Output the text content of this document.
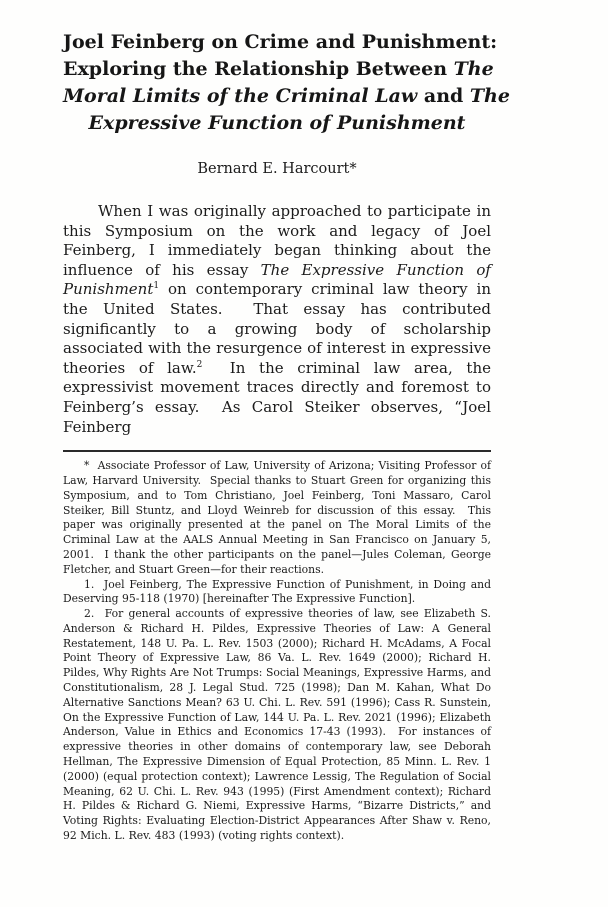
Joel Feinberg on Crime and Punishment:
Exploring the Relationship Between The
Moral Limits of the Criminal Law and The
Expressive Function of Punishment
Bernard E. Harcourt*

When I was originally approached to participate in this Symposium on the work and legacy of Joel Feinberg, I immediately began thinking about the influence of his essay The Expressive Function of Punishment$^1$ on contemporary criminal law theory in the United States.  That essay has contributed significantly to a growing body of scholarship associated with the resurgence of interest in expressive theories of law.$^2$  In the criminal law area, the expressivist movement traces directly and foremost to Feinberg’s essay.  As Carol Steiker observes, “Joel Feinberg

*  Associate Professor of Law, University of Arizona; Visiting Professor of Law, Harvard University.  Special thanks to Stuart Green for organizing this Symposium, and to Tom Christiano, Joel Feinberg, Toni Massaro, Carol Steiker, Bill Stuntz, and Lloyd Weinreb for discussion of this essay.  This paper was originally presented at the panel on The Moral Limits of the Criminal Law at the AALS Annual Meeting in San Francisco on January 5, 2001.  I thank the other participants on the panel—Jules Coleman, George Fletcher, and Stuart Green—for their reactions.

1.  Joel Feinberg, The Expressive Function of Punishment, in Doing and Deserving 95-118 (1970) [hereinafter The Expressive Function].

2.  For general accounts of expressive theories of law, see Elizabeth S. Anderson & Richard H. Pildes, Expressive Theories of Law: A General Restatement, 148 U. Pa. L. Rev. 1503 (2000); Richard H. McAdams, A Focal Point Theory of Expressive Law, 86 Va. L. Rev. 1649 (2000); Richard H. Pildes, Why Rights Are Not Trumps: Social Meanings, Expressive Harms, and Constitutionalism, 28 J. Legal Stud. 725 (1998); Dan M. Kahan, What Do Alternative Sanctions Mean? 63 U. Chi. L. Rev. 591 (1996); Cass R. Sunstein, On the Expressive Function of Law, 144 U. Pa. L. Rev. 2021 (1996); Elizabeth Anderson, Value in Ethics and Economics 17-43 (1993).  For instances of expressive theories in other domains of contemporary law, see Deborah Hellman, The Expressive Dimension of Equal Protection, 85 Minn. L. Rev. 1 (2000) (equal protection context); Lawrence Lessig, The Regulation of Social Meaning, 62 U. Chi. L. Rev. 943 (1995) (First Amendment context); Richard H. Pildes & Richard G. Niemi, Expressive Harms, “Bizarre Districts,” and Voting Rights: Evaluating Election-District Appearances After Shaw v. Reno, 92 Mich. L. Rev. 483 (1993) (voting rights context).
